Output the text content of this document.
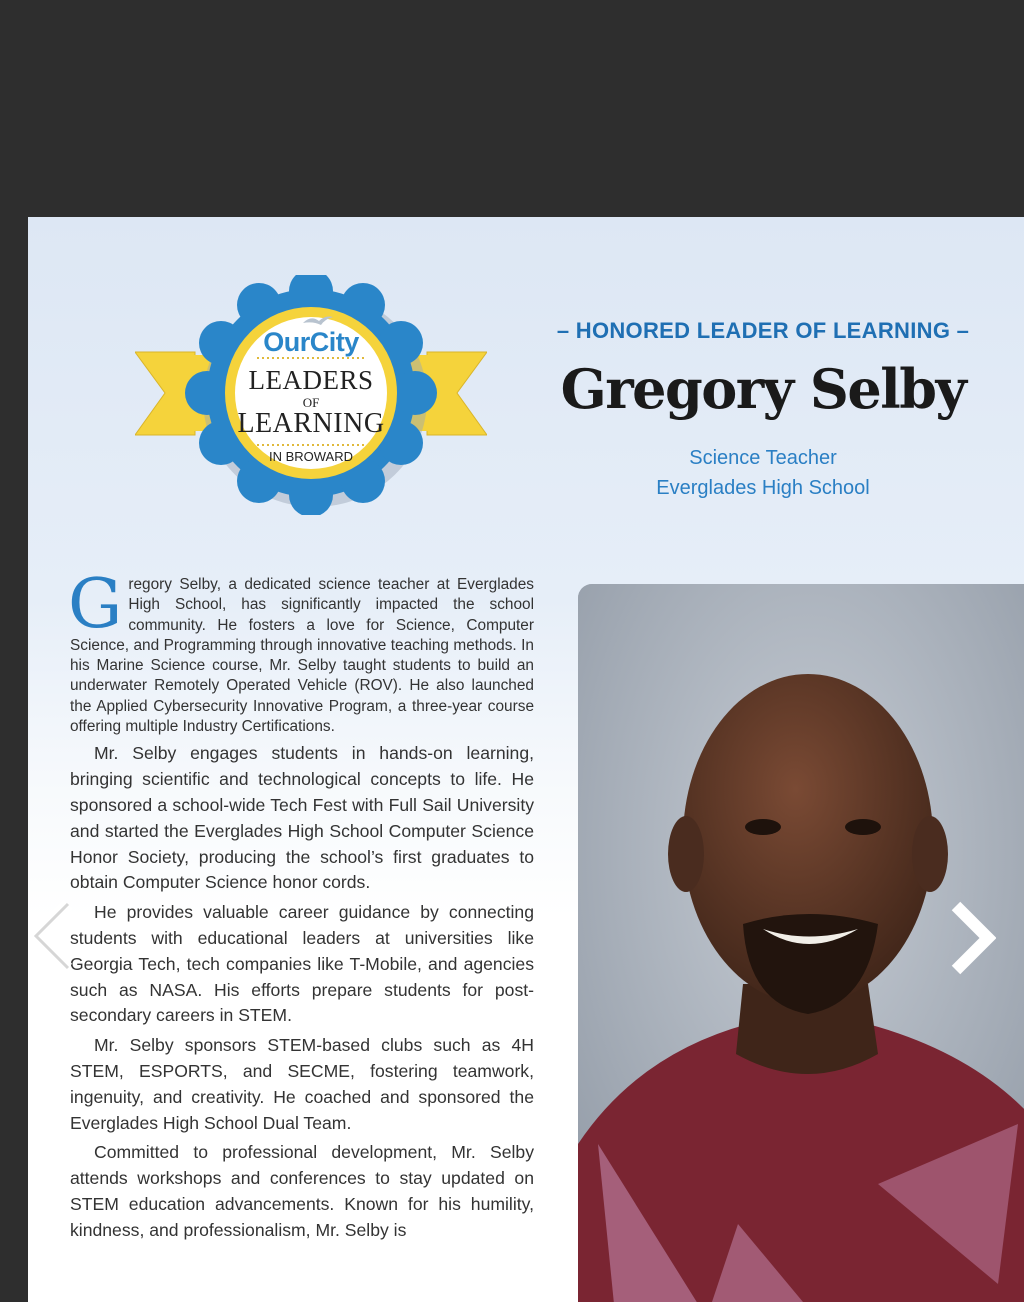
OurCity
LEADERS
OF
LEARNING
IN BROWARD
– HONORED LEADER OF LEARNING –
Gregory Selby
Science Teacher
Everglades High School

G regory Selby, a dedicated science teacher at Everglades High School, has significantly impacted the school community. He fosters a love for Science, Computer Science, and Programming through innovative teaching methods. In his Marine Science course, Mr. Selby taught students to build an underwater Remotely Operated Vehicle (ROV). He also launched the Applied Cybersecurity Innovative Program, a three-year course offering multiple Industry Certifications.

Mr. Selby engages students in hands-on learning, bringing scientific and technological concepts to life. He sponsored a school-wide Tech Fest with Full Sail University and started the Everglades High School Computer Science Honor Society, producing the school’s first graduates to obtain Computer Science honor cords.

He provides valuable career guidance by connecting students with educational leaders at universities like Georgia Tech, tech companies like T-Mobile, and agencies such as NASA. His efforts prepare students for post-secondary careers in STEM.

Mr. Selby sponsors STEM-based clubs such as 4H STEM, ESPORTS, and SECME, fostering teamwork, ingenuity, and creativity. He coached and sponsored the Everglades High School Dual Team.

Committed to professional development, Mr. Selby attends workshops and conferences to stay updated on STEM education advancements. Known for his humility, kindness, and professionalism, Mr. Selby is
